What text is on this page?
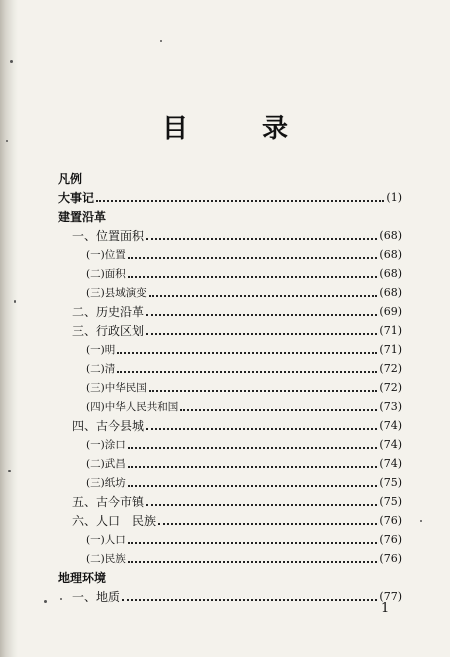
目　录
凡例
大事记	(1)
建置沿革
一、位置面积	(68)
(一)位置	(68)
(二)面积	(68)
(三)县域演变	(68)
二、历史沿革	(69)
三、行政区划	(71)
(一)明	(71)
(二)清	(72)
(三)中华民国	(72)
(四)中华人民共和国	(73)
四、古今县城	(74)
(一)涂口	(74)
(二)武昌	(74)
(三)纸坊	(75)
五、古今市镇	(75)
六、人口　民族	(76)
(一)人口	(76)
(二)民族	(76)
地理环境
一、地质	(77)
1
